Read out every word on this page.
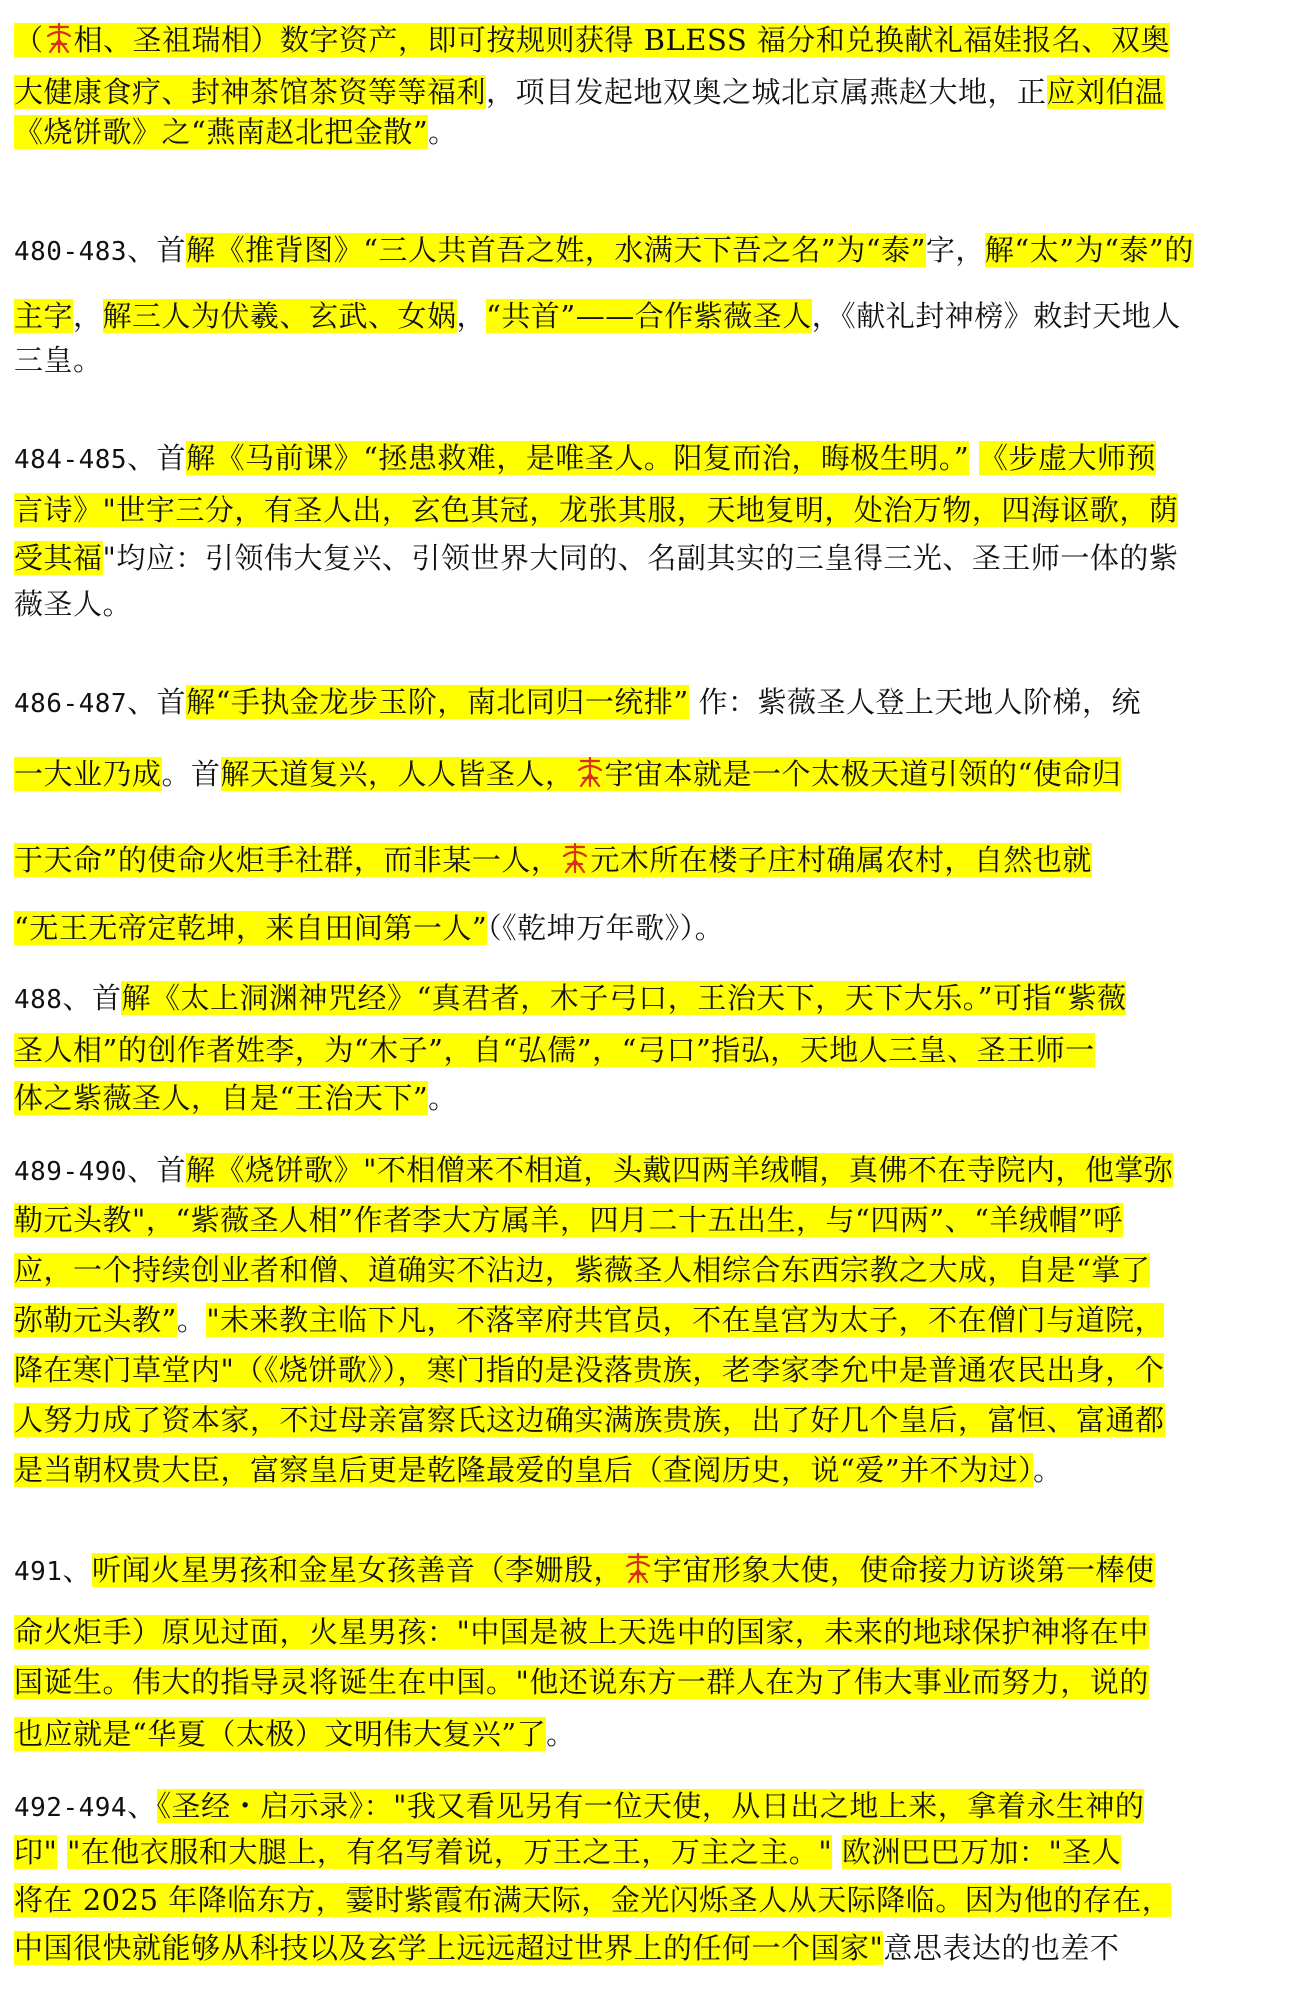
（ 相、圣祖瑞相）数字资产，即可按规则获得 BLESS 福分和兑换献礼福娃报名、双奥
大健康食疗、封神茶馆茶资等等福利，项目发起地双奥之城北京属燕赵大地，正应刘伯温
《烧饼歌》之“燕南赵北把金散”。
480-483、首解《推背图》“三人共首吾之姓，水满天下吾之名”为“泰”字，解“太”为“泰”的
主字，解三人为伏羲、玄武、女娲，“共首”——合作紫薇圣人，《献礼封神榜》敕封天地人
三皇。
484-485、首解《马前课》“拯患救难，是唯圣人。阳复而治，晦极生明。” 《步虚大师预
言诗》"世宇三分，有圣人出，玄色其冠，龙张其服，天地复明，处治万物，四海讴歌，荫
受其福"均应：引领伟大复兴、引领世界大同的、名副其实的三皇得三光、圣王师一体的紫
薇圣人。
486-487、首解“手执金龙步玉阶，南北同归一统排” 作：紫薇圣人登上天地人阶梯，统
一大业乃成。首解天道复兴，人人皆圣人， 宇宙本就是一个太极天道引领的“使命归
于天命”的使命火炬手社群，而非某一人， 元木所在楼子庄村确属农村，自然也就
“无王无帝定乾坤，来自田间第一人”（《乾坤万年歌》）。
488、首解《太上洞渊神咒经》“真君者，木子弓口，王治天下，天下大乐。”可指“紫薇
圣人相”的创作者姓李，为“木子”，自“弘儒”，“弓口”指弘，天地人三皇、圣王师一
体之紫薇圣人，自是“王治天下”。
489-490、首解《烧饼歌》"不相僧来不相道，头戴四两羊绒帽，真佛不在寺院内，他掌弥
勒元头教"，“紫薇圣人相”作者李大方属羊，四月二十五出生，与“四两”、“羊绒帽”呼
应，一个持续创业者和僧、道确实不沾边，紫薇圣人相综合东西宗教之大成，自是“掌了
弥勒元头教”。"未来教主临下凡，不落宰府共官员，不在皇宫为太子，不在僧门与道院，
降在寒门草堂内"（《烧饼歌》），寒门指的是没落贵族，老李家李允中是普通农民出身，个
人努力成了资本家，不过母亲富察氏这边确实满族贵族，出了好几个皇后，富恒、富通都
是当朝权贵大臣，富察皇后更是乾隆最爱的皇后（查阅历史，说“爱”并不为过）。
491、听闻火星男孩和金星女孩善音（李姗殷， 宇宙形象大使，使命接力访谈第一棒使
命火炬手）原见过面，火星男孩："中国是被上天选中的国家，未来的地球保护神将在中
国诞生。伟大的指导灵将诞生在中国。"他还说东方一群人在为了伟大事业而努力，说的
也应就是“华夏（太极）文明伟大复兴”了。
492-494、《圣经・启示录》："我又看见另有一位天使，从日出之地上来，拿着永生神的
印" "在他衣服和大腿上，有名写着说，万王之王，万主之主。" 欧洲巴巴万加："圣人
将在 2025 年降临东方，霎时紫霞布满天际，金光闪烁圣人从天际降临。因为他的存在，
中国很快就能够从科技以及玄学上远远超过世界上的任何一个国家"意思表达的也差不
